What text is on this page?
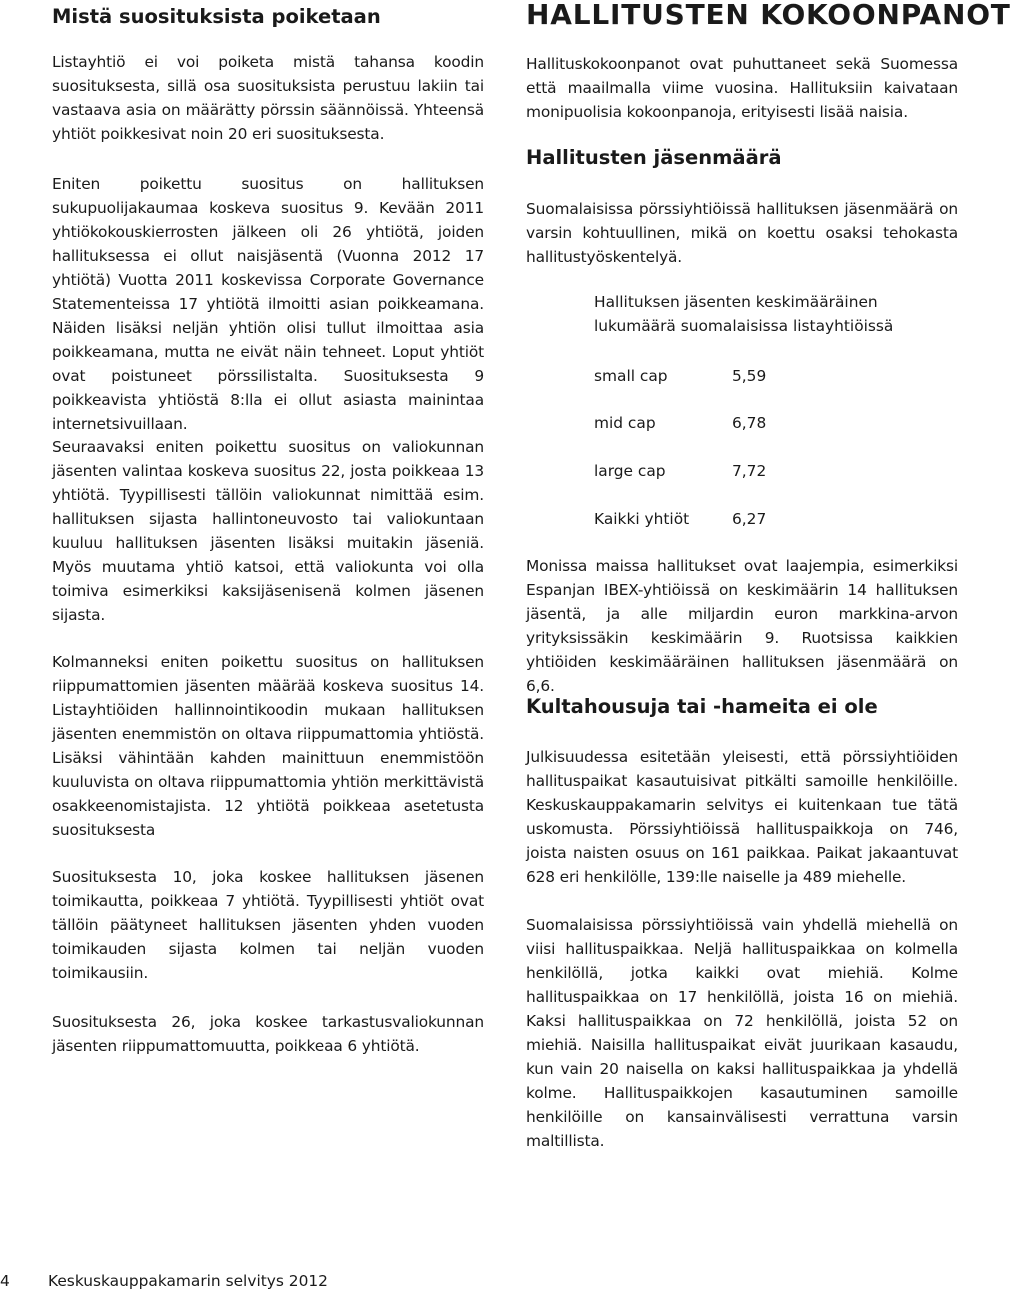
Mistä suosituksista poiketaan

Listayhtiö ei voi poiketa mistä tahansa koodin suosituksesta, sillä osa suosituksista perustuu lakiin tai vastaava asia on määrätty pörssin säännöissä. Yhteensä yhtiöt poikkesivat noin 20 eri suosituksesta.

Eniten poikettu suositus on hallituksen sukupuolijakaumaa koskeva suositus 9. Kevään 2011 yhtiökokouskierrosten jälkeen oli 26 yhtiötä, joiden hallituksessa ei ollut naisjäsentä (Vuonna 2012 17 yhtiötä) Vuotta 2011 koskevissa Corporate Governance Statementeissa 17 yhtiötä ilmoitti asian poikkeamana. Näiden lisäksi neljän yhtiön olisi tullut ilmoittaa asia poikkeamana, mutta ne eivät näin tehneet. Loput yhtiöt ovat poistuneet pörssilistalta. Suosituksesta 9 poikkeavista yhtiöstä 8:lla ei ollut asiasta mainintaa internetsivuillaan.

Seuraavaksi eniten poikettu suositus on valiokunnan jäsenten valintaa koskeva suositus 22, josta poikkeaa 13 yhtiötä. Tyypillisesti tällöin valiokunnat nimittää esim. hallituksen sijasta hallintoneuvosto tai valiokuntaan kuuluu hallituksen jäsenten lisäksi muitakin jäseniä. Myös muutama yhtiö katsoi, että valiokunta voi olla toimiva esimerkiksi kaksijäsenisenä kolmen jäsenen sijasta.

Kolmanneksi eniten poikettu suositus on hallituksen riippumattomien jäsenten määrää koskeva suositus 14. Listayhtiöiden hallinnointikoodin mukaan hallituksen jäsenten enemmistön on oltava riippumattomia yhtiöstä. Lisäksi vähintään kahden mainittuun enemmistöön kuuluvista on oltava riippumattomia yhtiön merkittävistä osakkeenomistajista. 12 yhtiötä poikkeaa asetetusta suosituksesta

Suosituksesta 10, joka koskee hallituksen jäsenen toimikautta, poikkeaa 7 yhtiötä. Tyypillisesti yhtiöt ovat tällöin päätyneet hallituksen jäsenten yhden vuoden toimikauden sijasta kolmen tai neljän vuoden toimikausiin.

Suosituksesta 26, joka koskee tarkastusvaliokunnan jäsenten riippumattomuutta, poikkeaa 6 yhtiötä.

HALLITUSTEN KOKOONPANOT

Hallituskokoonpanot ovat puhuttaneet sekä Suomessa että maailmalla viime vuosina. Hallituksiin kaivataan monipuolisia kokoonpanoja, erityisesti lisää naisia.

Hallitusten jäsenmäärä

Suomalaisissa pörssiyhtiöissä hallituksen jäsenmäärä on varsin kohtuullinen, mikä on koettu osaksi tehokasta hallitustyöskentelyä.

Hallituksen jäsenten keskimääräinen lukumäärä suomalaisissa listayhtiöissä

small cap	5,59
mid cap	6,78
large cap	7,72
Kaikki yhtiöt	6,27

Monissa maissa hallitukset ovat laajempia, esimerkiksi Espanjan IBEX-yhtiöissä on keskimäärin 14 hallituksen jäsentä, ja alle miljardin euron markkina-arvon yrityksissäkin keskimäärin 9. Ruotsissa kaikkien yhtiöiden keskimääräinen hallituksen jäsenmäärä on 6,6.

Kultahousuja tai -hameita ei ole

Julkisuudessa esitetään yleisesti, että pörssiyhtiöiden hallituspaikat kasautuisivat pitkälti samoille henkilöille. Keskuskauppakamarin selvitys ei kuitenkaan tue tätä uskomusta. Pörssiyhtiöissä hallituspaikkoja on 746, joista naisten osuus on 161 paikkaa. Paikat jakaantuvat 628 eri henkilölle, 139:lle naiselle ja 489 miehelle.

Suomalaisissa pörssiyhtiöissä vain yhdellä miehellä on viisi hallituspaikkaa. Neljä hallituspaikkaa on kolmella henkilöllä, jotka kaikki ovat miehiä. Kolme hallituspaikkaa on 17 henkilöllä, joista 16 on miehiä. Kaksi hallituspaikkaa on 72 henkilöllä, joista 52 on miehiä. Naisilla hallituspaikat eivät juurikaan kasaudu, kun vain 20 naisella on kaksi hallituspaikkaa ja yhdellä kolme. Hallituspaikkojen kasautuminen samoille henkilöille on kansainvälisesti verrattuna varsin maltillista.

4 Keskuskauppakamarin selvitys 2012
